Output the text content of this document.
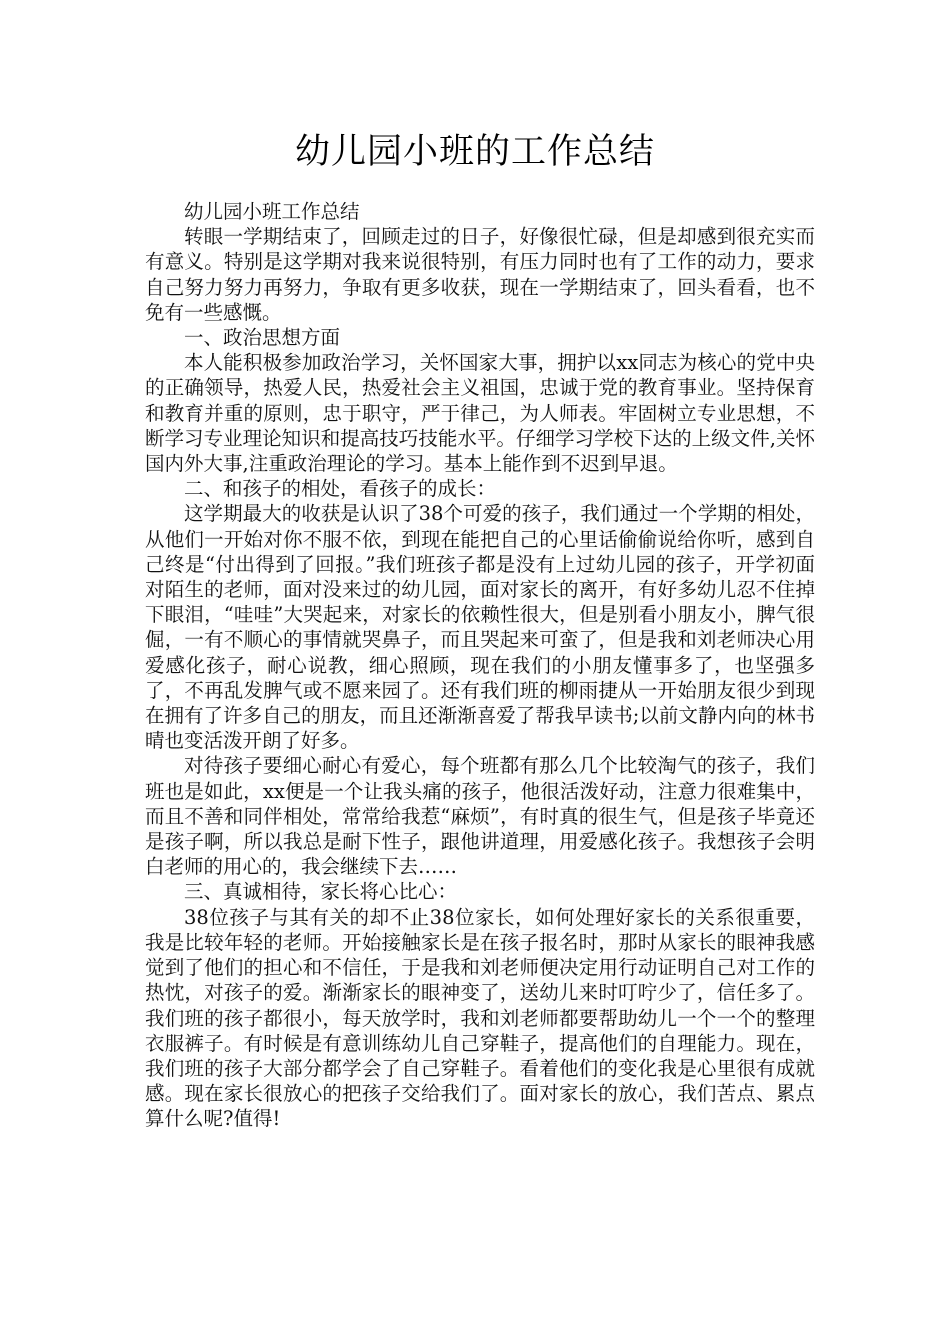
幼儿园小班的工作总结

幼儿园小班工作总结

转眼一学期结束了，回顾走过的日子，好像很忙碌，但是却感到很充实而有意义。特别是这学期对我来说很特别，有压力同时也有了工作的动力，要求自己努力努力再努力，争取有更多收获，现在一学期结束了，回头看看，也不免有一些感慨。

一、政治思想方面

本人能积极参加政治学习，关怀国家大事，拥护以xx同志为核心的党中央的正确领导，热爱人民，热爱社会主义祖国，忠诚于党的教育事业。坚持保育和教育并重的原则，忠于职守，严于律己，为人师表。牢固树立专业思想，不断学习专业理论知识和提高技巧技能水平。仔细学习学校下达的上级文件,关怀国内外大事,注重政治理论的学习。基本上能作到不迟到早退。

二、和孩子的相处，看孩子的成长：

这学期最大的收获是认识了38个可爱的孩子，我们通过一个学期的相处，从他们一开始对你不服不依，到现在能把自己的心里话偷偷说给你听，感到自己终是“付出得到了回报。”我们班孩子都是没有上过幼儿园的孩子，开学初面对陌生的老师，面对没来过的幼儿园，面对家长的离开，有好多幼儿忍不住掉下眼泪，“哇哇”大哭起来，对家长的依赖性很大，但是别看小朋友小，脾气很倔，一有不顺心的事情就哭鼻子，而且哭起来可蛮了，但是我和刘老师决心用爱感化孩子，耐心说教，细心照顾，现在我们的小朋友懂事多了，也坚强多了，不再乱发脾气或不愿来园了。还有我们班的柳雨捷从一开始朋友很少到现在拥有了许多自己的朋友，而且还渐渐喜爱了帮我早读书;以前文静内向的林书晴也变活泼开朗了好多。

对待孩子要细心耐心有爱心，每个班都有那么几个比较淘气的孩子，我们班也是如此，xx便是一个让我头痛的孩子，他很活泼好动，注意力很难集中，而且不善和同伴相处，常常给我惹“麻烦”，有时真的很生气，但是孩子毕竟还是孩子啊，所以我总是耐下性子，跟他讲道理，用爱感化孩子。我想孩子会明白老师的用心的，我会继续下去……

三、真诚相待，家长将心比心：

38位孩子与其有关的却不止38位家长，如何处理好家长的关系很重要，我是比较年轻的老师。开始接触家长是在孩子报名时，那时从家长的眼神我感觉到了他们的担心和不信任，于是我和刘老师便决定用行动证明自己对工作的热忱，对孩子的爱。渐渐家长的眼神变了，送幼儿来时叮咛少了，信任多了。我们班的孩子都很小，每天放学时，我和刘老师都要帮助幼儿一个一个的整理衣服裤子。有时候是有意训练幼儿自己穿鞋子，提高他们的自理能力。现在，我们班的孩子大部分都学会了自己穿鞋子。看着他们的变化我是心里很有成就感。现在家长很放心的把孩子交给我们了。面对家长的放心，我们苦点、累点算什么呢?值得!
